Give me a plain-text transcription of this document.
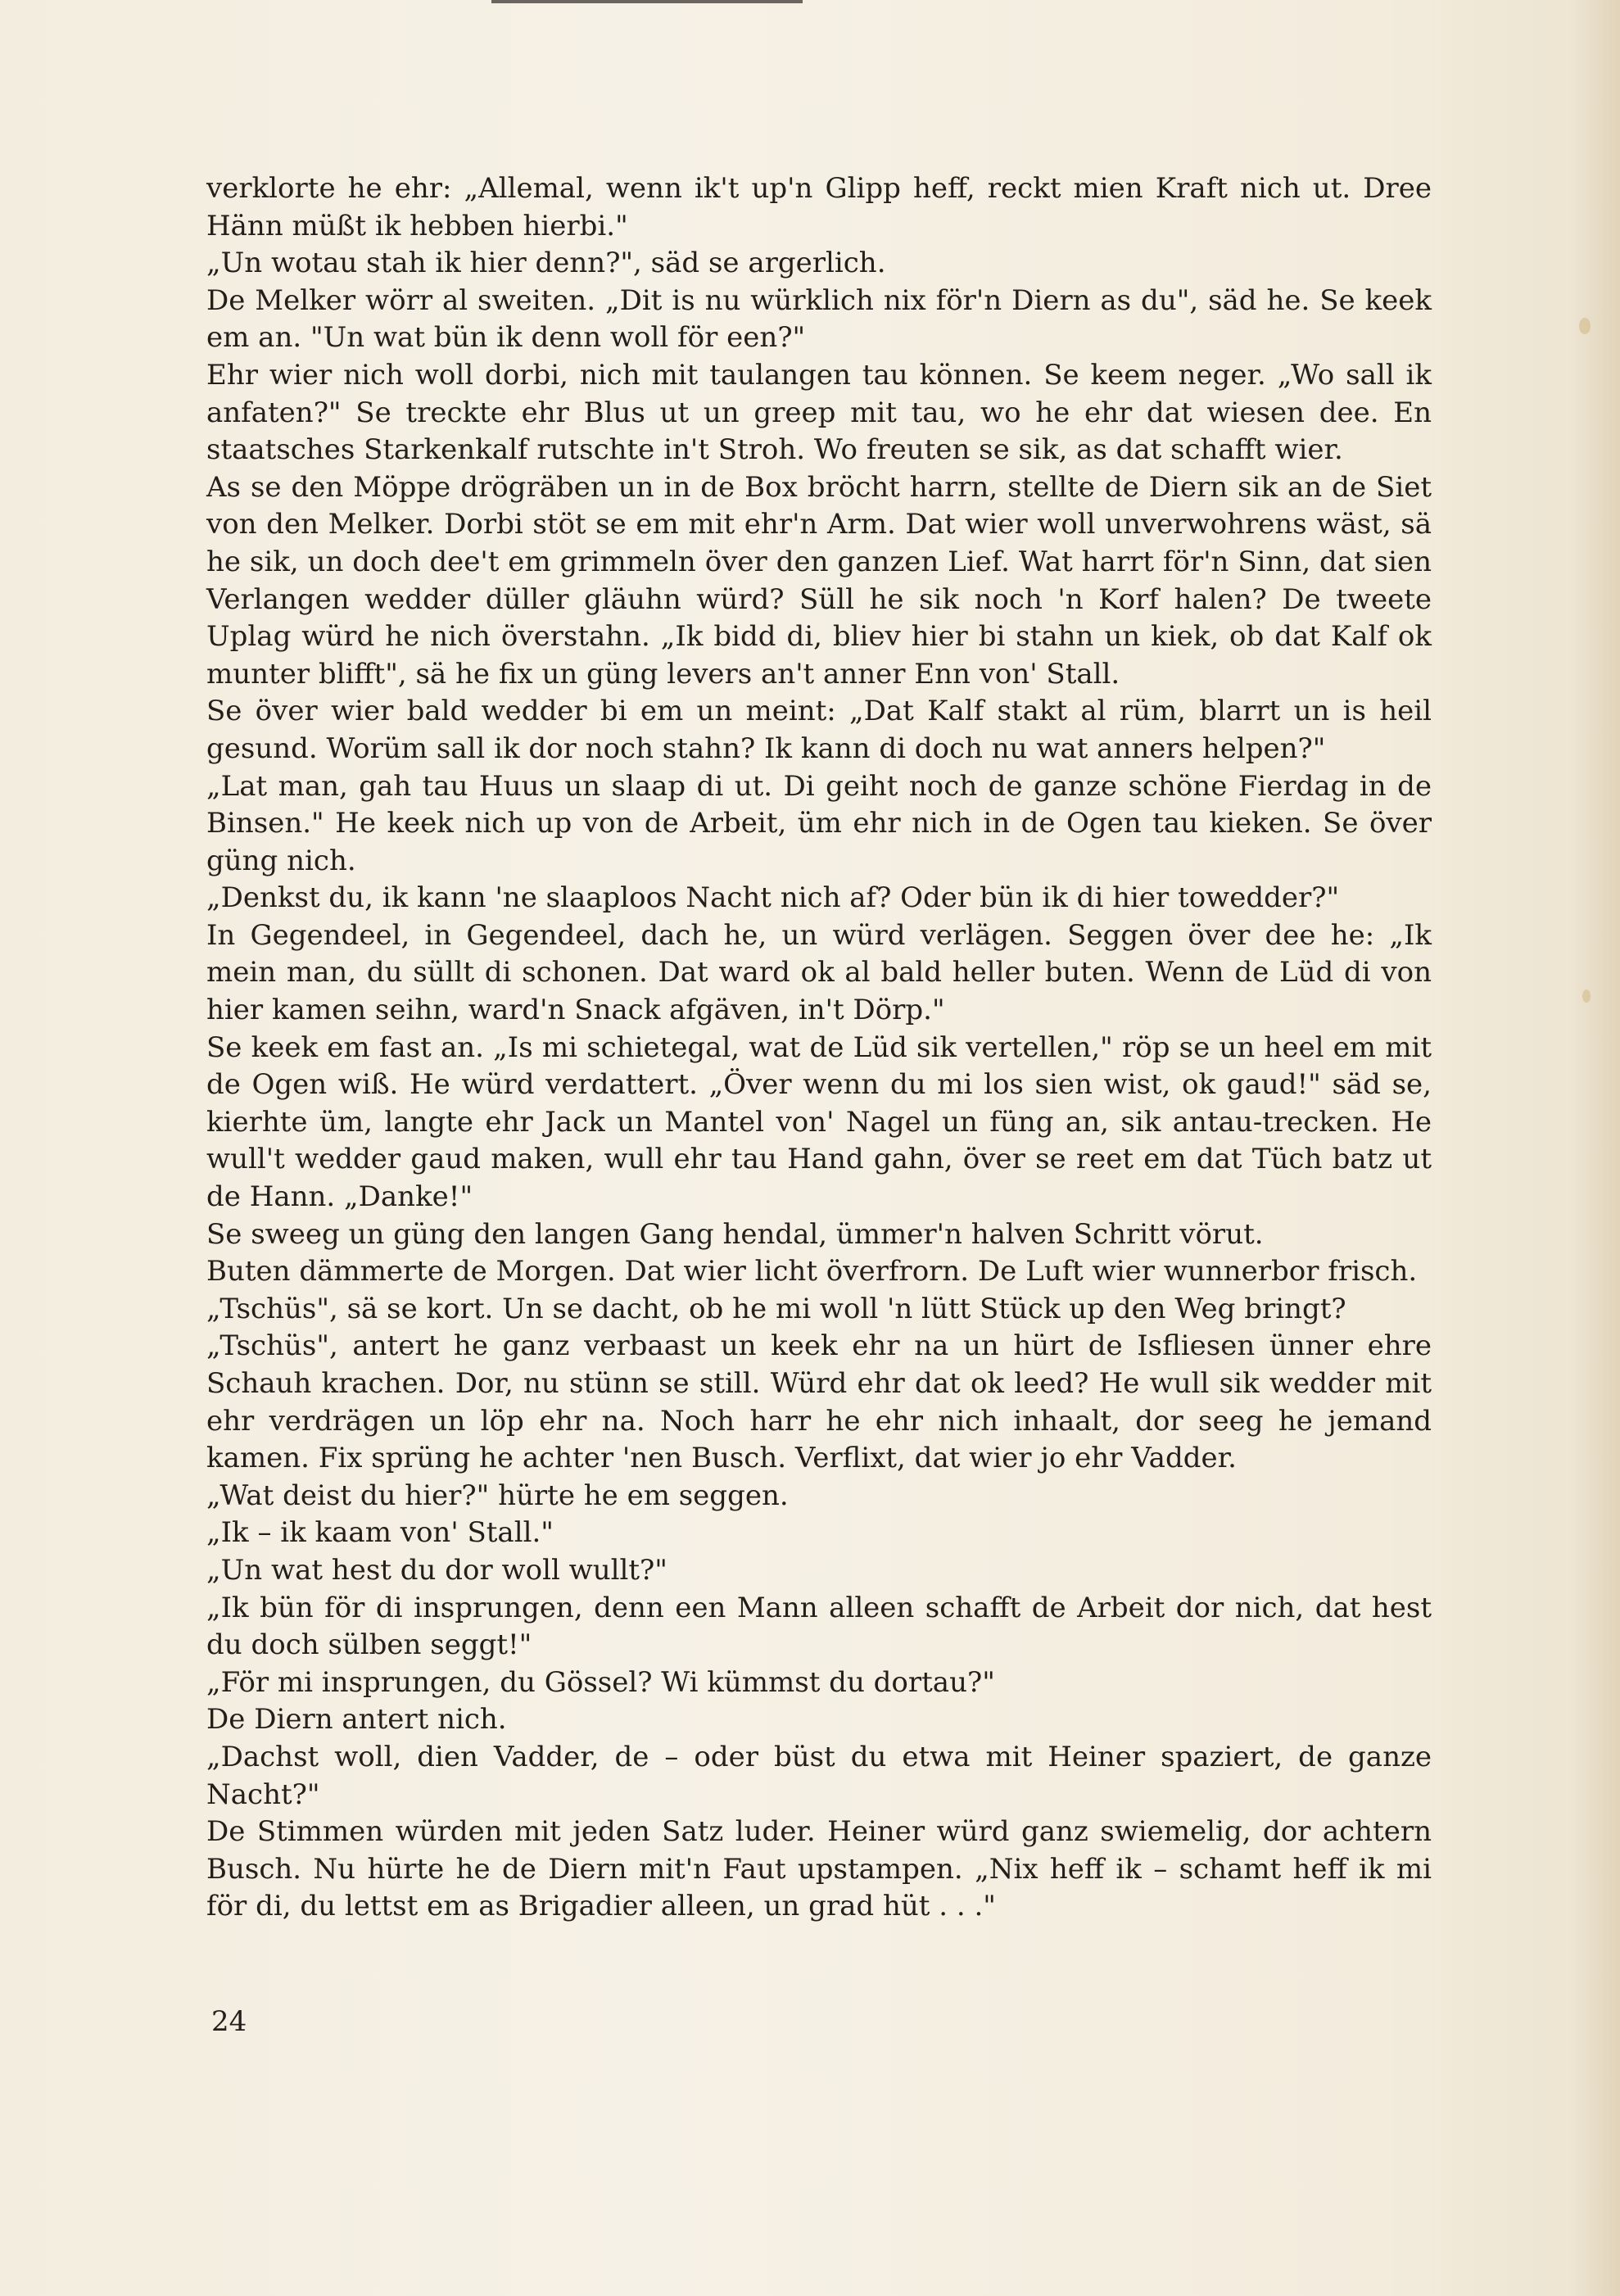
verklorte he ehr: „Allemal, wenn ik't up'n Glipp heff, reckt mien Kraft nich ut. Dree Hänn müßt ik hebben hierbi."

„Un wotau stah ik hier denn?", säd se argerlich.

De Melker wörr al sweiten. „Dit is nu würklich nix för'n Diern as du", säd he. Se keek em an. "Un wat bün ik denn woll för een?"

Ehr wier nich woll dorbi, nich mit taulangen tau können. Se keem neger. „Wo sall ik anfaten?" Se treckte ehr Blus ut un greep mit tau, wo he ehr dat wiesen dee. En staatsches Starkenkalf rutschte in't Stroh. Wo freuten se sik, as dat schafft wier.

As se den Möppe drögräben un in de Box bröcht harrn, stellte de Diern sik an de Siet von den Melker. Dorbi stöt se em mit ehr'n Arm. Dat wier woll unverwohrens wäst, sä he sik, un doch dee't em grimmeln över den ganzen Lief. Wat harrt för'n Sinn, dat sien Verlangen wedder düller gläuhn würd? Süll he sik noch 'n Korf halen? De tweete Uplag würd he nich överstahn. „Ik bidd di, bliev hier bi stahn un kiek, ob dat Kalf ok munter blifft", sä he fix un güng levers an't anner Enn von' Stall.

Se över wier bald wedder bi em un meint: „Dat Kalf stakt al rüm, blarrt un is heil gesund. Worüm sall ik dor noch stahn? Ik kann di doch nu wat anners helpen?"

„Lat man, gah tau Huus un slaap di ut. Di geiht noch de ganze schöne Fierdag in de Binsen." He keek nich up von de Arbeit, üm ehr nich in de Ogen tau kieken. Se över güng nich.

„Denkst du, ik kann 'ne slaaploos Nacht nich af? Oder bün ik di hier towedder?"

In Gegendeel, in Gegendeel, dach he, un würd verlägen. Seggen över dee he: „Ik mein man, du süllt di schonen. Dat ward ok al bald heller buten. Wenn de Lüd di von hier kamen seihn, ward'n Snack afgäven, in't Dörp."

Se keek em fast an. „Is mi schietegal, wat de Lüd sik vertellen," röp se un heel em mit de Ogen wiß. He würd verdattert. „Över wenn du mi los sien wist, ok gaud!" säd se, kierhte üm, langte ehr Jack un Mantel von' Nagel un füng an, sik antau-trecken. He wull't wedder gaud maken, wull ehr tau Hand gahn, över se reet em dat Tüch batz ut de Hann. „Danke!"

Se sweeg un güng den langen Gang hendal, ümmer'n halven Schritt vörut.

Buten dämmerte de Morgen. Dat wier licht överfrorn. De Luft wier wunnerbor frisch.

„Tschüs", sä se kort. Un se dacht, ob he mi woll 'n lütt Stück up den Weg bringt?

„Tschüs", antert he ganz verbaast un keek ehr na un hürt de Isfliesen ünner ehre Schauh krachen. Dor, nu stünn se still. Würd ehr dat ok leed? He wull sik wedder mit ehr verdrägen un löp ehr na. Noch harr he ehr nich inhaalt, dor seeg he jemand kamen. Fix sprüng he achter 'nen Busch. Verflixt, dat wier jo ehr Vadder.

„Wat deist du hier?" hürte he em seggen.

„Ik – ik kaam von' Stall."

„Un wat hest du dor woll wullt?"

„Ik bün för di insprungen, denn een Mann alleen schafft de Arbeit dor nich, dat hest du doch sülben seggt!"

„För mi insprungen, du Gössel? Wi kümmst du dortau?"

De Diern antert nich.

„Dachst woll, dien Vadder, de – oder büst du etwa mit Heiner spaziert, de ganze Nacht?"

De Stimmen würden mit jeden Satz luder. Heiner würd ganz swiemelig, dor achtern Busch. Nu hürte he de Diern mit'n Faut upstampen. „Nix heff ik – schamt heff ik mi för di, du lettst em as Brigadier alleen, un grad hüt . . ."

24
